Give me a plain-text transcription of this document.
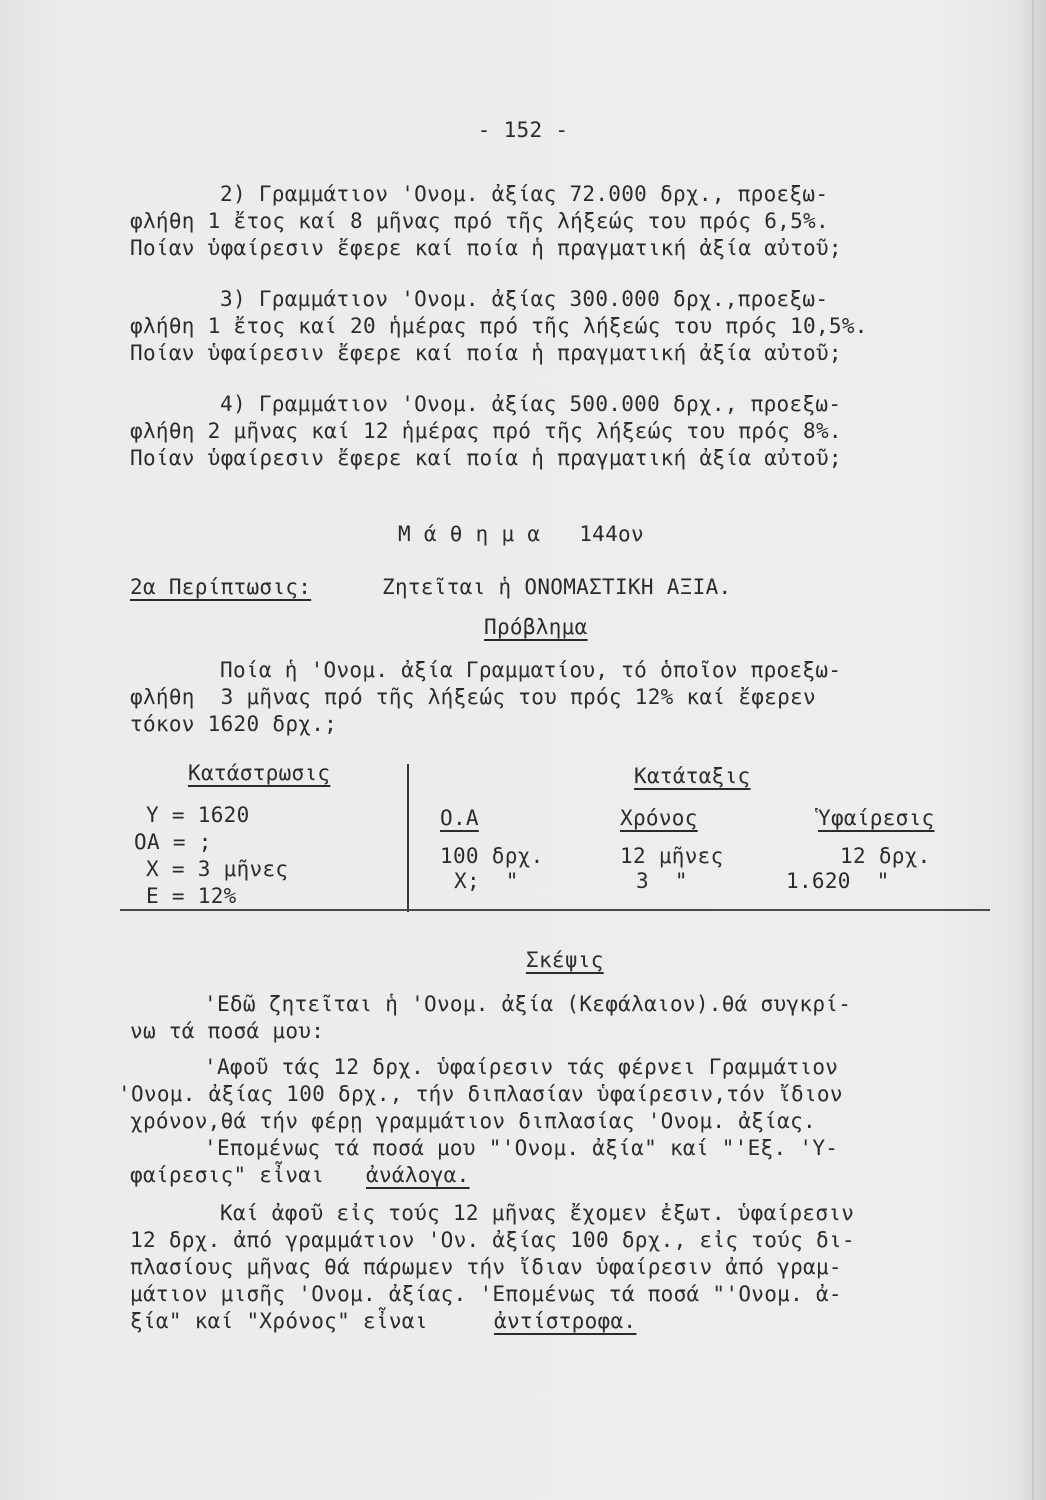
- 152 -
2) Γραμμάτιον 'Ονομ. ἀξίας 72.000 δρχ., προεξω-
φλήθη 1 ἔτος καί 8 μῆνας πρό τῆς λήξεώς του πρός 6,5%.
Ποίαν ὑφαίρεσιν ἔφερε καί ποία ἡ πραγματική ἀξία αὐτοῦ;
3) Γραμμάτιον 'Ονομ. ἀξίας 300.000 δρχ.,προεξω-
φλήθη 1 ἔτος καί 20 ἡμέρας πρό τῆς λήξεώς του πρός 10,5%.
Ποίαν ὑφαίρεσιν ἔφερε καί ποία ἡ πραγματική ἀξία αὐτοῦ;
4) Γραμμάτιον 'Ονομ. ἀξίας 500.000 δρχ., προεξω-
φλήθη 2 μῆνας καί 12 ἡμέρας πρό τῆς λήξεώς του πρός 8%.
Ποίαν ὑφαίρεσιν ἔφερε καί ποία ἡ πραγματική ἀξία αὐτοῦ;
Μ ά θ η μ α   144ον
2α Περίπτωσις:	Ζητεῖται ἡ ΟΝΟΜΑΣΤΙΚΗ ΑΞΙΑ.
Πρόβλημα
Ποία ἡ 'Ονομ. ἀξία Γραμματίου, τό ὁποῖον προεξω-
φλήθη  3 μῆνας πρό τῆς λήξεώς του πρός 12% καί ἔφερεν
τόκον 1620 δρχ.;
Κατάστρωσις
Υ = 1620
ΟΑ = ;
Χ = 3 μῆνες
Ε = 12%
Κατάταξις
Ο.Α	Χρόνος	Ὑφαίρεσις
100 δρχ.	12 μῆνες	12 δρχ.
Χ;  "	3  "	1.620  "
Σκέψις
'Εδῶ ζητεῖται ἡ 'Ονομ. ἀξία (Κεφάλαιον).θά συγκρί-
νω τά ποσά μου:
'Αφοῦ τάς 12 δρχ. ὑφαίρεσιν τάς φέρνει Γραμμάτιον
'Ονομ. ἀξίας 100 δρχ., τήν διπλασίαν ὑφαίρεσιν,τόν ἴδιον
χρόνον,θά τήν φέρῃ γραμμάτιον διπλασίας 'Ονομ. ἀξίας.
'Επομένως τά ποσά μου "'Ονομ. ἀξία" καί "'Εξ. 'Υ-
φαίρεσις" εἶναι ἀνάλογα.
Καί ἀφοῦ εἰς τούς 12 μῆνας ἔχομεν ἐξωτ. ὑφαίρεσιν
12 δρχ. ἀπό γραμμάτιον 'Ον. ἀξίας 100 δρχ., εἰς τούς δι-
πλασίους μῆνας θά πάρωμεν τήν ἴδιαν ὑφαίρεσιν ἀπό γραμ-
μάτιον μισῆς 'Ονομ. ἀξίας. 'Επομένως τά ποσά "'Ονομ. ἀ-
ξία" καί "Χρόνος" εἶναι	ἀντίστροφα.
